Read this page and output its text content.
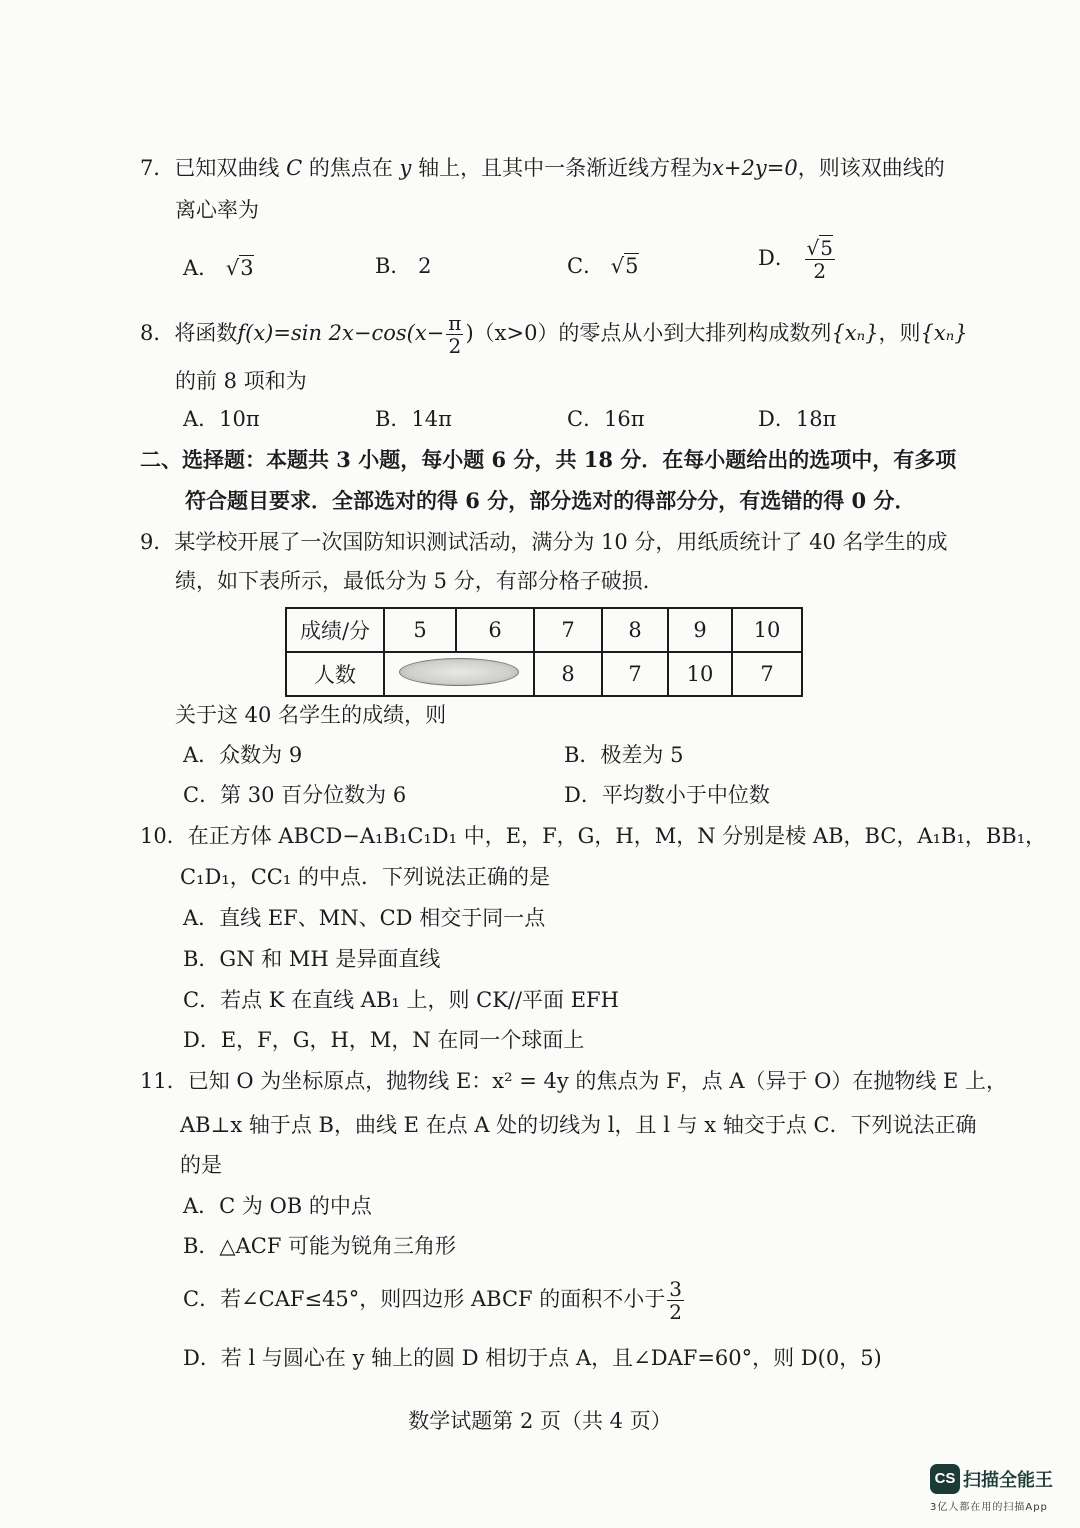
7．已知双曲线 C 的焦点在 y 轴上，且其中一条渐近线方程为x+2y=0，则该双曲线的
离心率为
A． √3	B． 2	C． √5	D． $\frac{√5}{2}$
8．将函数f(x)=sin $2x-\cos(x- \frac{\pi}{2} )(x>0)$的零点从小到大排列构成数列{xₙ}，则{xₙ}
的前 8 项和为
A．10π	B．14π	C．16π	D．18π
二、选择题：本题共 3 小题，每小题 6 分，共 18 分．在每小题给出的选项中，有多项
符合题目要求．全部选对的得 6 分，部分选对的得部分分，有选错的得 0 分．
9．某学校开展了一次国防知识测试活动，满分为 10 分，用纸质统计了 40 名学生的成
绩，如下表所示，最低分为 5 分，有部分格子破损．
成绩/分	5	6	7	8	9	10
人数			8	7	10	7
关于这 40 名学生的成绩，则
A．众数为 9	B．极差为 5
C．第 30 百分位数为 6	D．平均数小于中位数
10．在正方体 ABCD−A₁B₁C₁D₁ 中，E，F，G，H，M，N 分别是棱 AB，BC，A₁B₁，BB₁，
C₁D₁，CC₁ 的中点．下列说法正确的是
A．直线 EF、MN、CD 相交于同一点
B．GN 和 MH 是异面直线
C．若点 K 在直线 AB₁ 上，则 CK//平面 EFH
D．E，F，G，H，M，N 在同一个球面上
11．已知 O 为坐标原点，抛物线 E：x² = 4y 的焦点为 F，点 A（异于 O）在抛物线 E 上，
AB⊥x 轴于点 B，曲线 E 在点 A 处的切线为 l，且 l 与 x 轴交于点 C．下列说法正确
的是
A．C 为 OB 的中点
B．△ACF 可能为锐角三角形
C．若∠CAF≤45°，则四边形 ABCF 的面积不小于 $\frac{3}{2}$
D．若 l 与圆心在 y 轴上的圆 D 相切于点 A，且∠DAF=60°，则 D(0，5)
数学试题第 2 页（共 4 页）
CS 扫描全能王
3亿人都在用的扫描App
